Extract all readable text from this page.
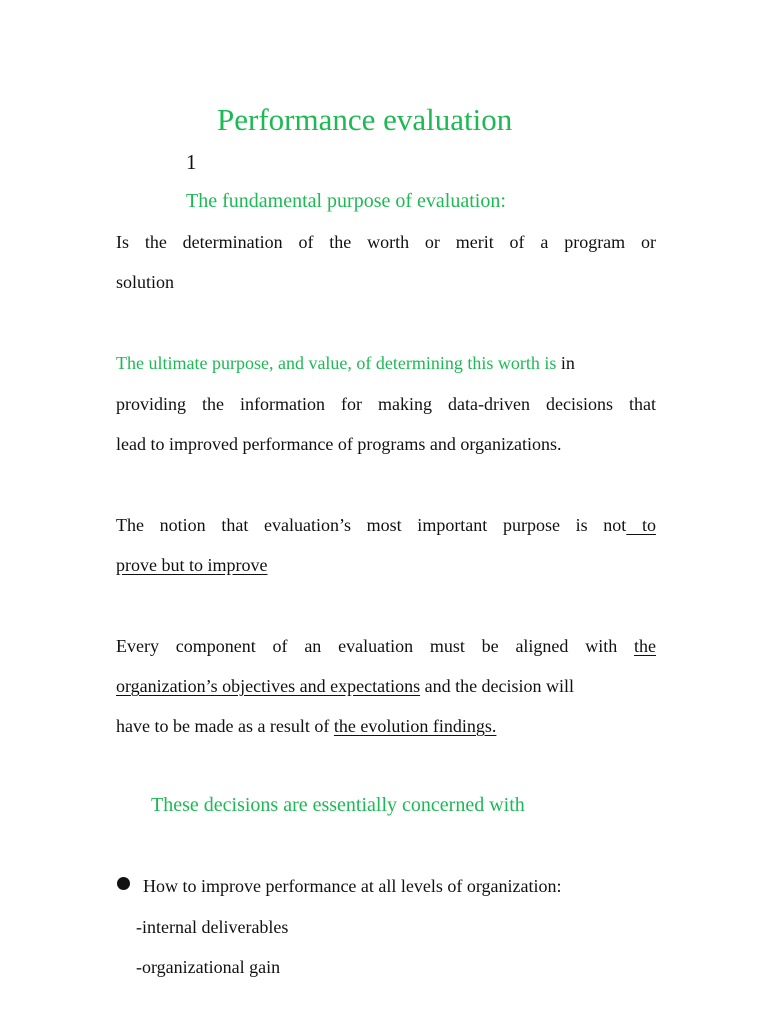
Performance evaluation
1
The fundamental purpose of evaluation:
Is the determination of the worth or merit of a program or
solution
The ultimate purpose, and value, of determining this worth is in
providing the information for making data-driven decisions that
lead to improved performance of programs and organizations.
The notion that evaluation’s most important purpose is not to
prove but to improve
Every component of an evaluation must be aligned with the
organization’s objectives and expectations and the decision will
have to be made as a result of the evolution findings.
These decisions are essentially concerned with
How to improve performance at all levels of organization:
-internal deliverables
-organizational gain
